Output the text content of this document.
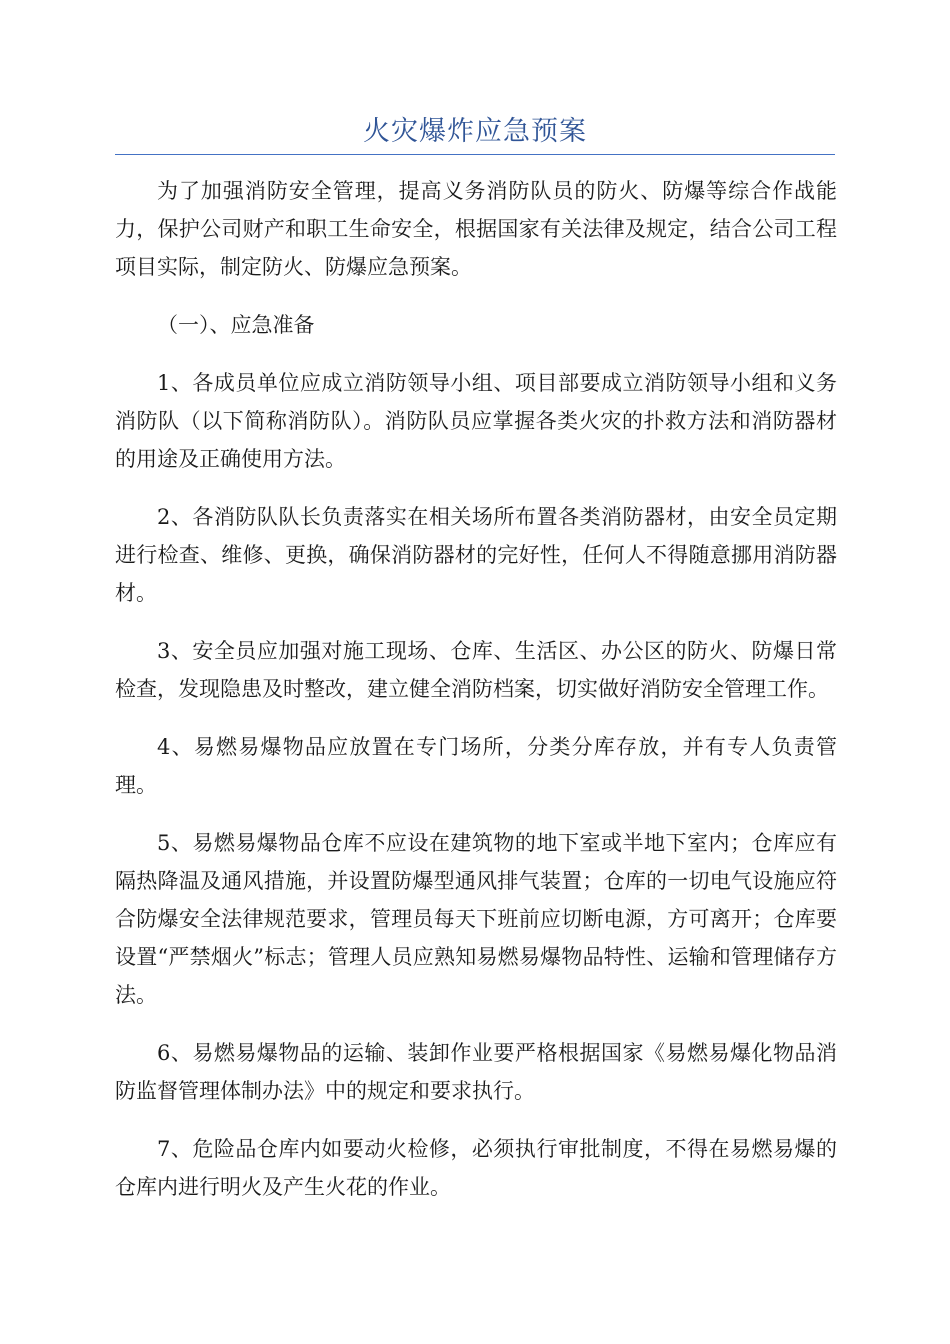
火灾爆炸应急预案

为了加强消防安全管理，提高义务消防队员的防火、防爆等综合作战能力，保护公司财产和职工生命安全，根据国家有关法律及规定，结合公司工程项目实际，制定防火、防爆应急预案。

（一）、应急准备

1、各成员单位应成立消防领导小组、项目部要成立消防领导小组和义务消防队（以下简称消防队）。消防队员应掌握各类火灾的扑救方法和消防器材的用途及正确使用方法。

2、各消防队队长负责落实在相关场所布置各类消防器材，由安全员定期进行检查、维修、更换，确保消防器材的完好性，任何人不得随意挪用消防器材。

3、安全员应加强对施工现场、仓库、生活区、办公区的防火、防爆日常检查，发现隐患及时整改，建立健全消防档案，切实做好消防安全管理工作。

4、易燃易爆物品应放置在专门场所，分类分库存放，并有专人负责管理。

5、易燃易爆物品仓库不应设在建筑物的地下室或半地下室内；仓库应有隔热降温及通风措施，并设置防爆型通风排气装置；仓库的一切电气设施应符合防爆安全法律规范要求，管理员每天下班前应切断电源，方可离开；仓库要设置“严禁烟火”标志；管理人员应熟知易燃易爆物品特性、运输和管理储存方法。

6、易燃易爆物品的运输、装卸作业要严格根据国家《易燃易爆化物品消防监督管理体制办法》中的规定和要求执行。

7、危险品仓库内如要动火检修，必须执行审批制度，不得在易燃易爆的仓库内进行明火及产生火花的作业。
